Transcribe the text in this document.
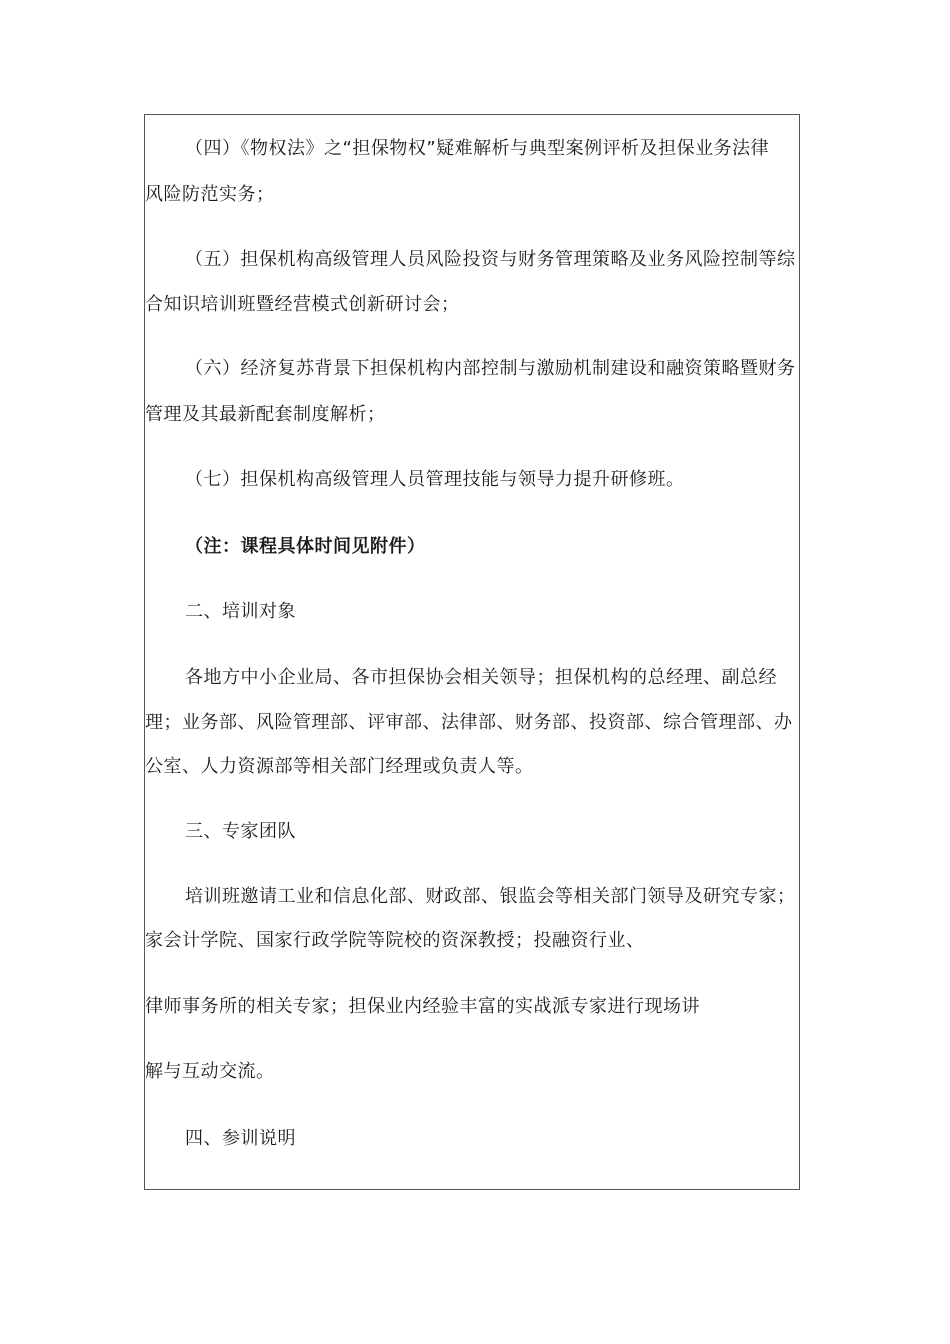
（四）《物权法》之“担保物权”疑难解析与典型案例评析及担保业务法律
风险防范实务；
（五）担保机构高级管理人员风险投资与财务管理策略及业务风险控制等综
合知识培训班暨经营模式创新研讨会；
（六）经济复苏背景下担保机构内部控制与激励机制建设和融资策略暨财务
管理及其最新配套制度解析；
（七）担保机构高级管理人员管理技能与领导力提升研修班。
（注：课程具体时间见附件）
二、培训对象
各地方中小企业局、各市担保协会相关领导；担保机构的总经理、副总经
理；业务部、风险管理部、评审部、法律部、财务部、投资部、综合管理部、办
公室、人力资源部等相关部门经理或负责人等。
三、专家团队
培训班邀请工业和信息化部、财政部、银监会等相关部门领导及研究专家；
家会计学院、国家行政学院等院校的资深教授；投融资行业、
律师事务所的相关专家；担保业内经验丰富的实战派专家进行现场讲
解与互动交流。
四、参训说明
